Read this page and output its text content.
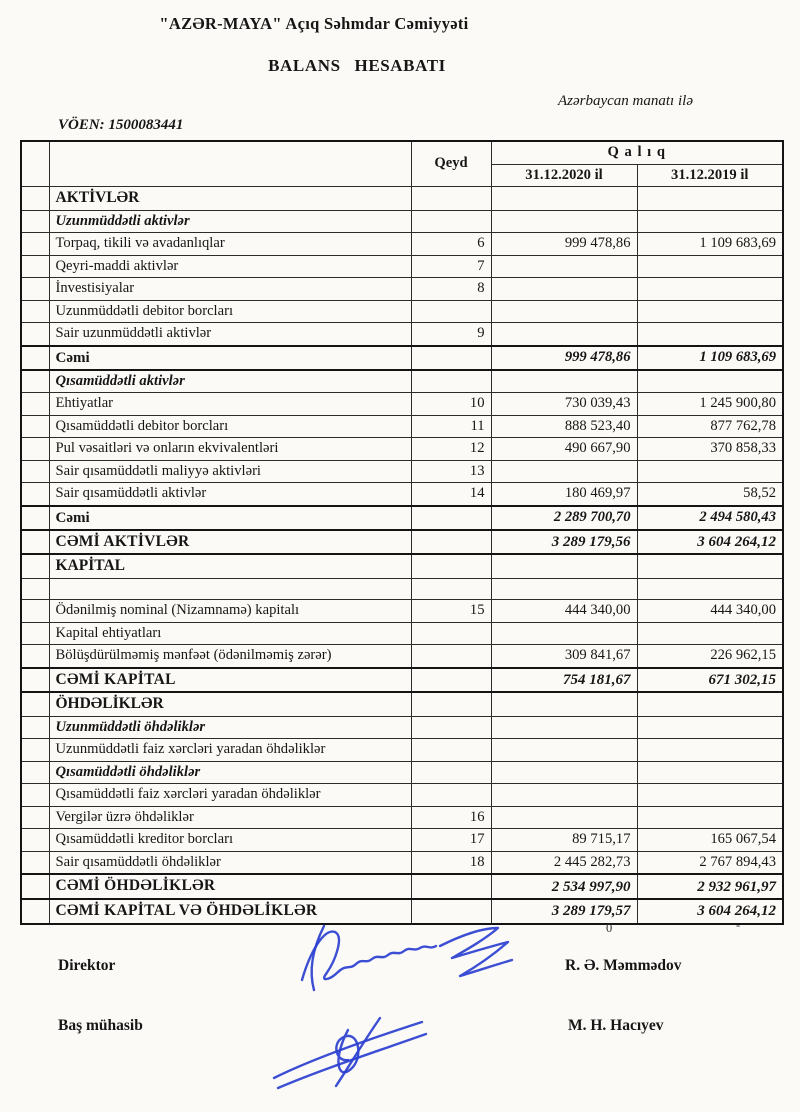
"AZƏR-MAYA" Açıq Səhmdar Cəmiyyəti
BALANS HESABATI
Azərbaycan manatı ilə
VÖEN: 1500083441
		Qeyd	Q a l ı q	
			31.12.2020 il	31.12.2019 il
	AKTİVLƏR			
	Uzunmüddətli aktivlər			
	Torpaq, tikili və avadanlıqlar	6	999 478,86	1 109 683,69
	Qeyri-maddi aktivlər	7		
	İnvestisiyalar	8		
	Uzunmüddətli debitor borcları			
	Sair uzunmüddətli aktivlər	9		
	Cəmi		999 478,86	1 109 683,69
	Qısamüddətli aktivlər			
	Ehtiyatlar	10	730 039,43	1 245 900,80
	Qısamüddətli debitor borcları	11	888 523,40	877 762,78
	Pul vəsaitləri və onların ekvivalentləri	12	490 667,90	370 858,33
	Sair qısamüddətli maliyyə aktivləri	13		
	Sair qısamüddətli aktivlər	14	180 469,97	58,52
	Cəmi		2 289 700,70	2 494 580,43
	CƏMİ AKTİVLƏR		3 289 179,56	3 604 264,12
	KAPİTAL			

	Ödənilmiş nominal (Nizamnamə) kapitalı	15	444 340,00	444 340,00
	Kapital ehtiyatları			
	Bölüşdürülməmiş mənfəət (ödənilməmiş zərər)		309 841,67	226 962,15
	CƏMİ KAPİTAL		754 181,67	671 302,15
	ÖHDƏLİKLƏR			
	Uzunmüddətli öhdəliklər			
	Uzunmüddətli faiz xərcləri yaradan öhdəliklər			
	Qısamüddətli öhdəliklər			
	Qısamüddətli faiz xərcləri yaradan öhdəliklər			
	Vergilər üzrə öhdəliklər	16		
	Qısamüddətli kreditor borcları	17	89 715,17	165 067,54
	Sair qısamüddətli öhdəliklər	18	2 445 282,73	2 767 894,43
	CƏMİ ÖHDƏLİKLƏR		2 534 997,90	2 932 961,97
	CƏMİ KAPİTAL VƏ ÖHDƏLİKLƏR		3 289 179,57	3 604 264,12
0	-
Direktor	R. Ə. Məmmədov
Baş mühasib	M. H. Hacıyev
